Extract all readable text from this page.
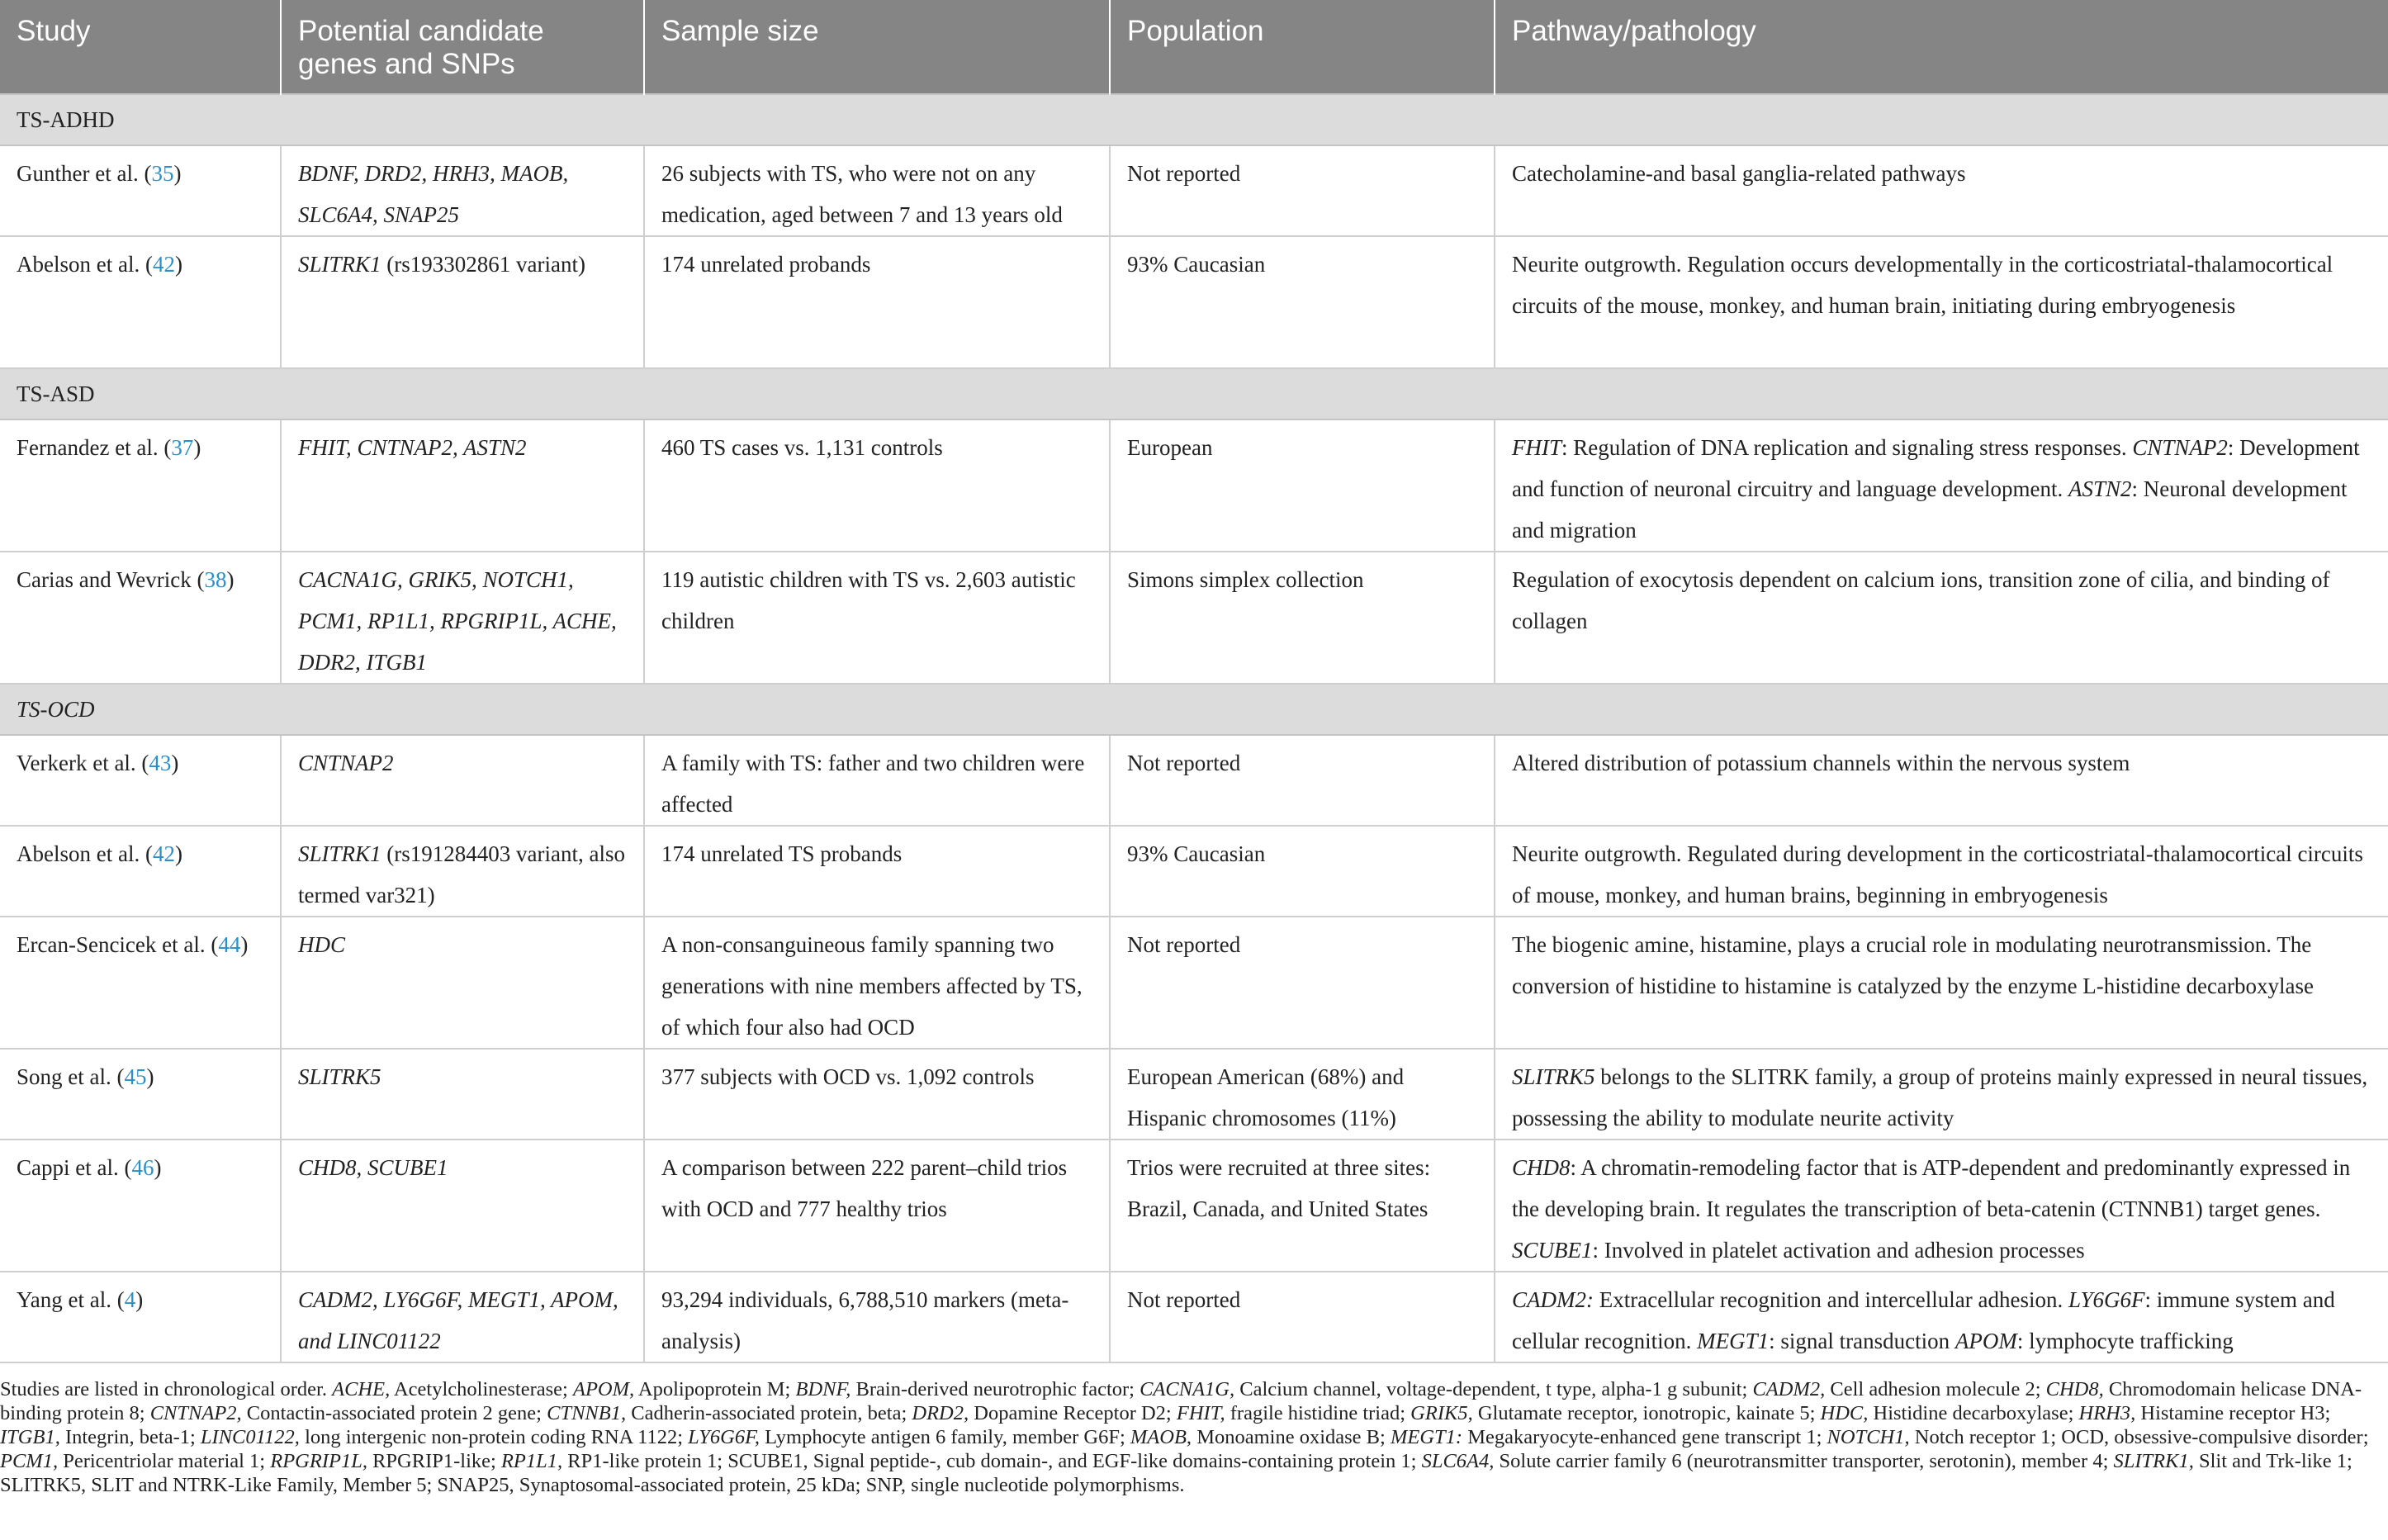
Study	Potential candidate genes and SNPs	Sample size	Population	Pathway/pathology
TS-ADHD				
Gunther et al. (35)	BDNF, DRD2, HRH3, MAOB, SLC6A4, SNAP25	26 subjects with TS, who were not on any medication, aged between 7 and 13 years old	Not reported	Catecholamine-and basal ganglia-related pathways
Abelson et al. (42)	SLITRK1 (rs193302861 variant)	174 unrelated probands	93% Caucasian	Neurite outgrowth. Regulation occurs developmentally in the corticostriatal-thalamocortical circuits of the mouse, monkey, and human brain, initiating during embryogenesis
TS-ASD				
Fernandez et al. (37)	FHIT, CNTNAP2, ASTN2	460 TS cases vs. 1,131 controls	European	FHIT: Regulation of DNA replication and signaling stress responses. CNTNAP2: Development and function of neuronal circuitry and language development. ASTN2: Neuronal development and migration
Carias and Wevrick (38)	CACNA1G, GRIK5, NOTCH1, PCM1, RP1L1, RPGRIP1L, ACHE, DDR2, ITGB1	119 autistic children with TS vs. 2,603 autistic children	Simons simplex collection	Regulation of exocytosis dependent on calcium ions, transition zone of cilia, and binding of collagen
TS-OCD				
Verkerk et al. (43)	CNTNAP2	A family with TS: father and two children were affected	Not reported	Altered distribution of potassium channels within the nervous system
Abelson et al. (42)	SLITRK1 (rs191284403 variant, also termed var321)	174 unrelated TS probands	93% Caucasian	Neurite outgrowth. Regulated during development in the corticostriatal-thalamocortical circuits of mouse, monkey, and human brains, beginning in embryogenesis
Ercan-Sencicek et al. (44)	HDC	A non-consanguineous family spanning two generations with nine members affected by TS, of which four also had OCD	Not reported	The biogenic amine, histamine, plays a crucial role in modulating neurotransmission. The conversion of histidine to histamine is catalyzed by the enzyme L-histidine decarboxylase
Song et al. (45)	SLITRK5	377 subjects with OCD vs. 1,092 controls	European American (68%) and Hispanic chromosomes (11%)	SLITRK5 belongs to the SLITRK family, a group of proteins mainly expressed in neural tissues, possessing the ability to modulate neurite activity
Cappi et al. (46)	CHD8, SCUBE1	A comparison between 222 parent–child trios with OCD and 777 healthy trios	Trios were recruited at three sites: Brazil, Canada, and United States	CHD8: A chromatin-remodeling factor that is ATP-dependent and predominantly expressed in the developing brain. It regulates the transcription of beta-catenin (CTNNB1) target genes. SCUBE1: Involved in platelet activation and adhesion processes
Yang et al. (4)	CADM2, LY6G6F, MEGT1, APOM, and LINC01122	93,294 individuals, 6,788,510 markers (meta-analysis)	Not reported	CADM2: Extracellular recognition and intercellular adhesion. LY6G6F: immune system and cellular recognition. MEGT1: signal transduction APOM: lymphocyte trafficking
Studies are listed in chronological order. ACHE, Acetylcholinesterase; APOM, Apolipoprotein M; BDNF, Brain-derived neurotrophic factor; CACNA1G, Calcium channel, voltage-dependent, t type, alpha-1 g subunit; CADM2, Cell adhesion molecule 2; CHD8, Chromodomain helicase DNA-binding protein 8; CNTNAP2, Contactin-associated protein 2 gene; CTNNB1, Cadherin-associated protein, beta; DRD2, Dopamine Receptor D2; FHIT, fragile histidine triad; GRIK5, Glutamate receptor, ionotropic, kainate 5; HDC, Histidine decarboxylase; HRH3, Histamine receptor H3; ITGB1, Integrin, beta-1; LINC01122, long intergenic non-protein coding RNA 1122; LY6G6F, Lymphocyte antigen 6 family, member G6F; MAOB, Monoamine oxidase B; MEGT1: Megakaryocyte-enhanced gene transcript 1; NOTCH1, Notch receptor 1; OCD, obsessive-compulsive disorder; PCM1, Pericentriolar material 1; RPGRIP1L, RPGRIP1-like; RP1L1, RP1-like protein 1; SCUBE1, Signal peptide-, cub domain-, and EGF-like domains-containing protein 1; SLC6A4, Solute carrier family 6 (neurotransmitter transporter, serotonin), member 4; SLITRK1, Slit and Trk-like 1; SLITRK5, SLIT and NTRK-Like Family, Member 5; SNAP25, Synaptosomal-associated protein, 25 kDa; SNP, single nucleotide polymorphisms.
